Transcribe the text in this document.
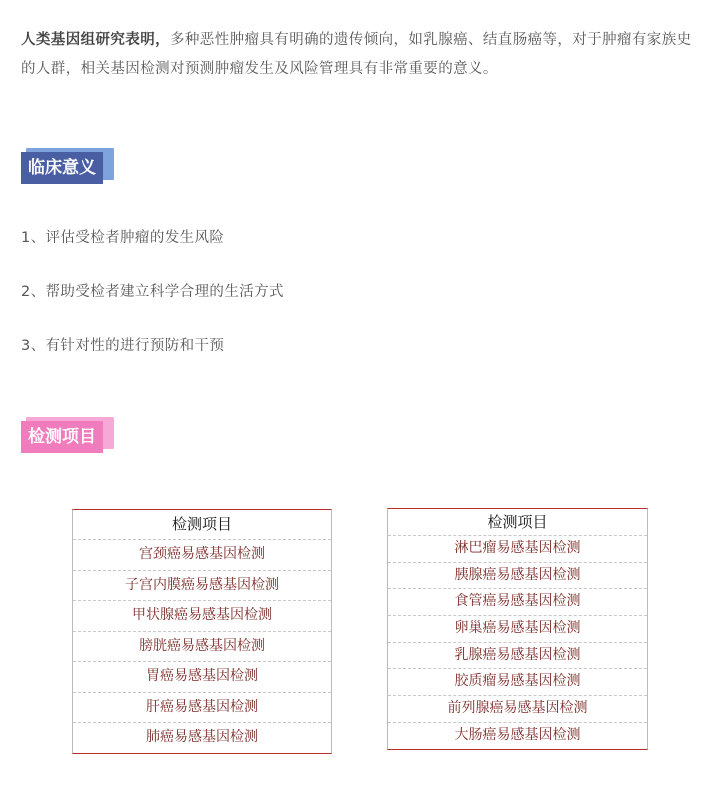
人类基因组研究表明，多种恶性肿瘤具有明确的遗传倾向，如乳腺癌、结直肠癌等，对于肿瘤有家族史的人群，相关基因检测对预测肿瘤发生及风险管理具有非常重要的意义。

临床意义
1、评估受检者肿瘤的发生风险
2、帮助受检者建立科学合理的生活方式
3、有针对性的进行预防和干预
检测项目
检测项目
宫颈癌易感基因检测
子宫内膜癌易感基因检测
甲状腺癌易感基因检测
膀胱癌易感基因检测
胃癌易感基因检测
肝癌易感基因检测
肺癌易感基因检测
检测项目
淋巴瘤易感基因检测
胰腺癌易感基因检测
食管癌易感基因检测
卵巢癌易感基因检测
乳腺癌易感基因检测
胶质瘤易感基因检测
前列腺癌易感基因检测
大肠癌易感基因检测
